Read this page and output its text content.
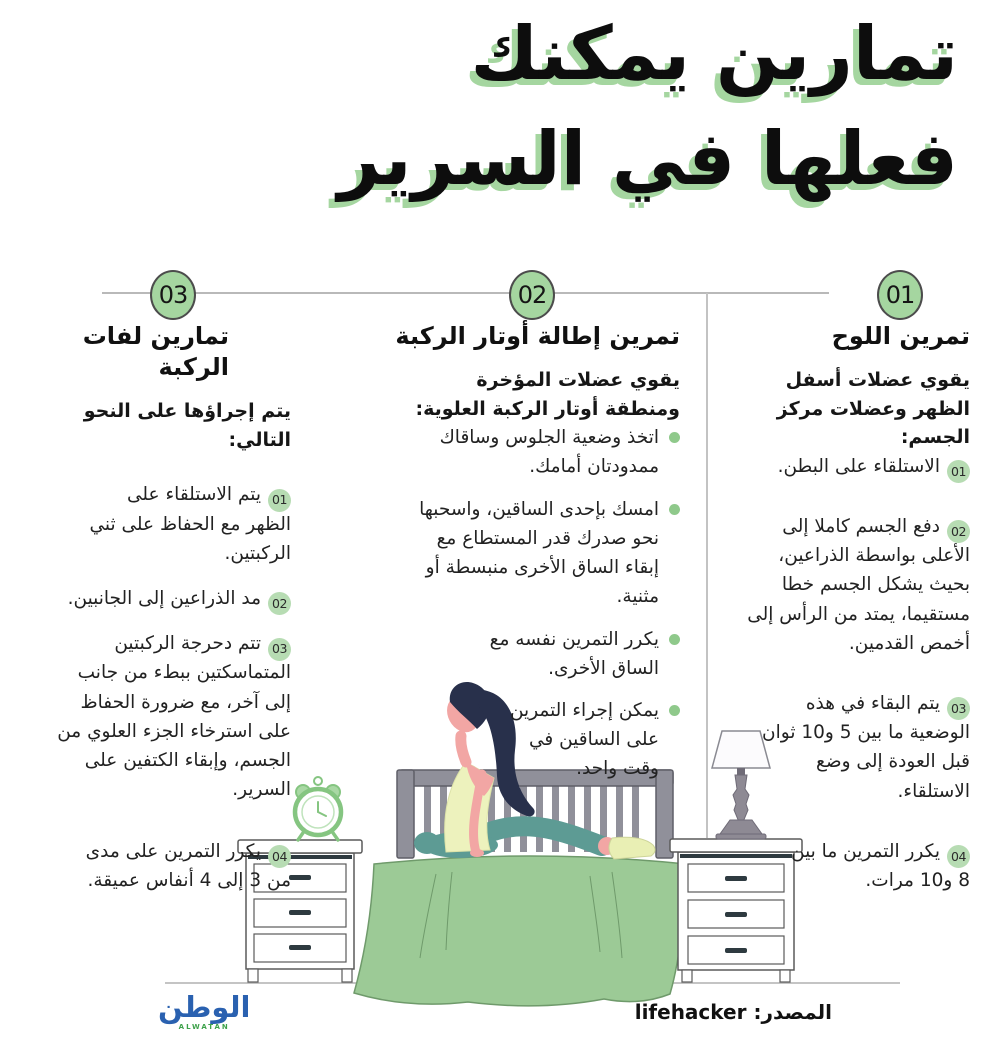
تمارين يمكنك
فعلها في السرير
01
02
03
تمرين اللوح
يقوي عضلات أسفل
الظهر وعضلات مركز الجسم:
01الاستلقاء على البطن.
02دفع الجسم كاملا إلى الأعلى بواسطة الذراعين، بحيث يشكل الجسم خطا مستقيما، يمتد من الرأس إلى أخمص القدمين.
03يتم البقاء في هذه الوضعية ما بين 5 و10 ثوان قبل العودة إلى وضع الاستلقاء.
04يكرر التمرين ما بين 8 و10 مرات.
تمرين إطالة أوتار الركبة
يقوي عضلات المؤخرة
ومنطقة أوتار الركبة العلوية:
اتخذ وضعية الجلوس وساقاك ممدودتان أمامك.
امسك بإحدى الساقين، واسحبها نحو صدرك قدر المستطاع مع إبقاء الساق الأخرى منبسطة أو مثنية.
يكرر التمرين نفسه مع الساق الأخرى.
يمكن إجراء التمرين على الساقين في وقت واحد.
تمارين لفات الركبة
يتم إجراؤها على النحو التالي:
01يتم الاستلقاء على الظهر مع الحفاظ على ثني الركبتين.
02مد الذراعين إلى الجانبين.
03تتم دحرجة الركبتين المتماسكتين ببطء من جانب إلى آخر، مع ضرورة الحفاظ على استرخاء الجزء العلوي من الجسم، وإبقاء الكتفين على السرير.
04يكرر التمرين على مدى من 3 إلى 4 أنفاس عميقة.
الوطن
ALWATAN
المصدر: lifehacker
